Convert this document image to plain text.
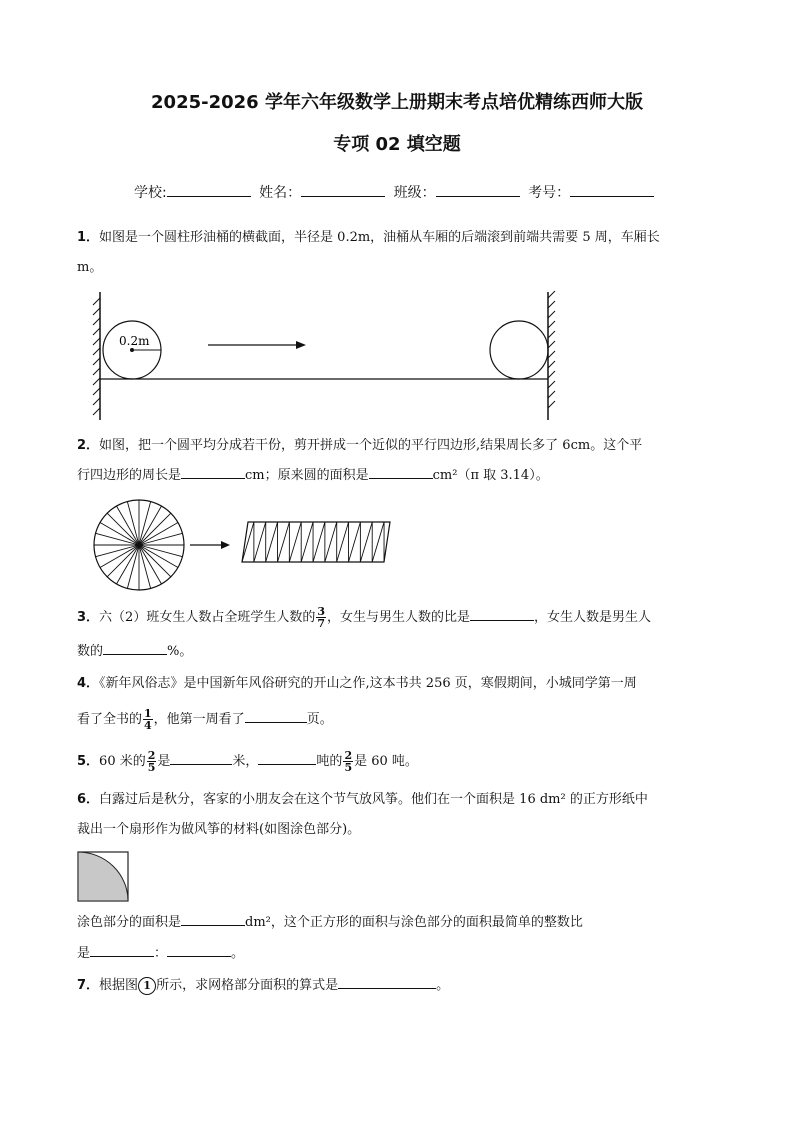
2025-2026 学年六年级数学上册期末考点培优精练西师大版
专项 02 填空题
学校:	姓名：	班级：	考号：
1．如图是一个圆柱形油桶的横截面，半径是 0.2m，油桶从车厢的后端滚到前端共需要 5 周，车厢长
m。
0.2m
2．如图，把一个圆平均分成若干份，剪开拼成一个近似的平行四边形,结果周长多了 6cm。这个平
行四边形的周长是	cm；原来圆的面积是	cm²（π 取 3.14）。
3．六（2）班女生人数占全班学生人数的 $\frac{3}{7}$ ，女生与男生人数的比是	，女生人数是男生人
数的	%。
4．《新年风俗志》是中国新年风俗研究的开山之作,这本书共 256 页，寒假期间，小城同学第一周
看了全书的 $\frac{1}{4}$ ，他第一周看了	页。
5．60 米的 $\frac{2}{5}$ 是	米，	吨的 $\frac{2}{5}$ 是 60 吨。
6．白露过后是秋分，客家的小朋友会在这个节气放风筝。他们在一个面积是 16 dm² 的正方形纸中
裁出一个扇形作为做风筝的材料(如图涂色部分)。
涂色部分的面积是	dm²，这个正方形的面积与涂色部分的面积最简单的整数比
是	：	。
7．根据图 1 所示，求网格部分面积的算式是	。
